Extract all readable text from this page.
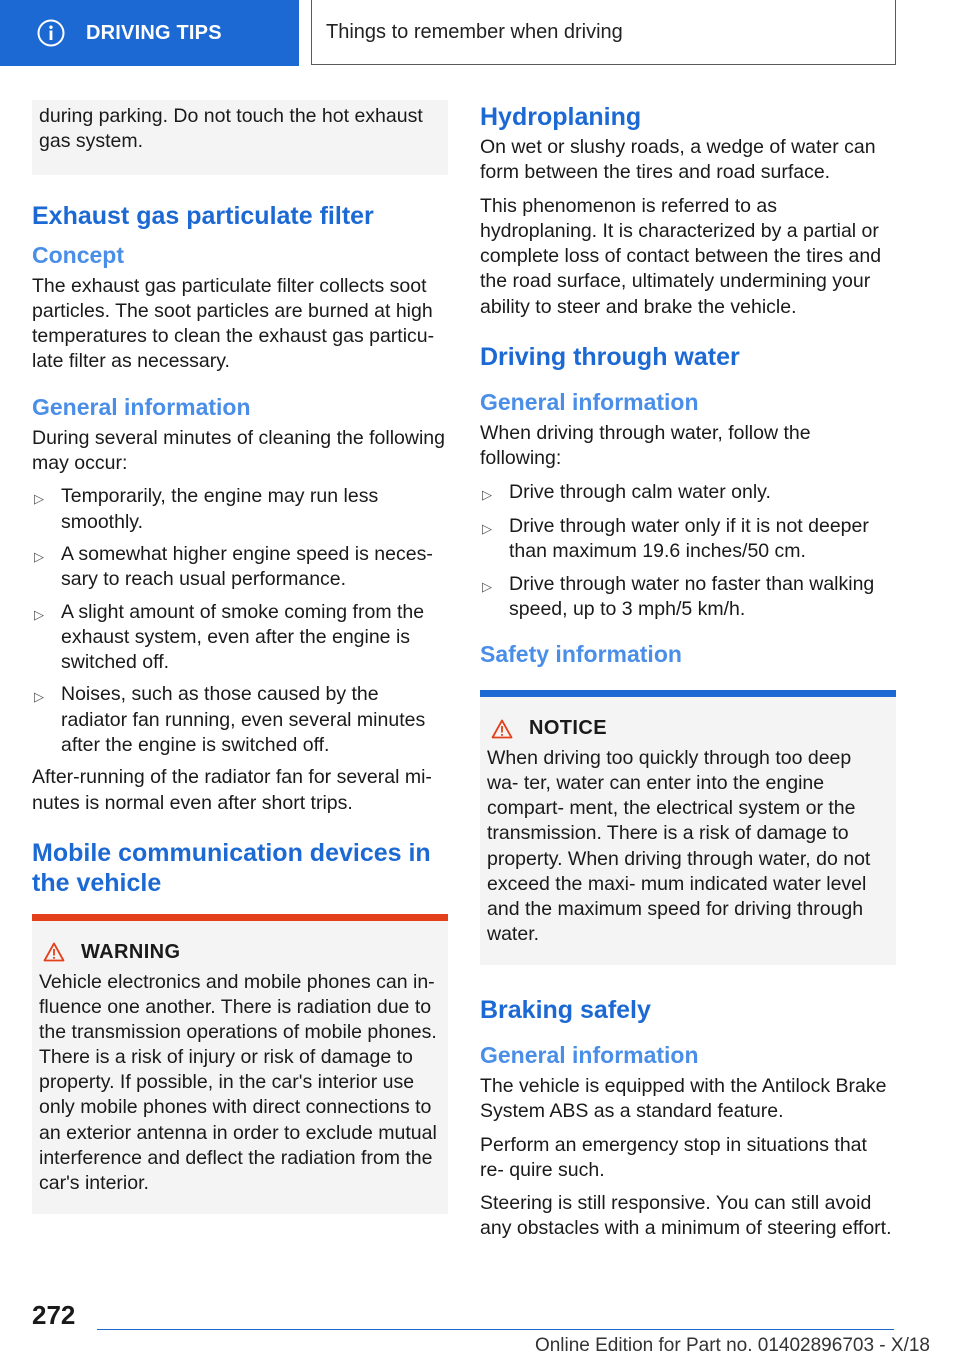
DRIVING TIPS	Things to remember when driving

during parking. Do not touch the hot exhaust gas system.

Exhaust gas particulate filter
Concept

The exhaust gas particulate filter collects soot particles. The soot particles are burned at high temperatures to clean the exhaust gas particu‐ late filter as necessary.

General information

During several minutes of cleaning the following may occur:

▷ Temporarily, the engine may run less smoothly.
▷ A somewhat higher engine speed is neces‐ sary to reach usual performance.
▷ A slight amount of smoke coming from the exhaust system, even after the engine is switched off.
▷ Noises, such as those caused by the radiator fan running, even several minutes after the engine is switched off.

After-running of the radiator fan for several mi‐ nutes is normal even after short trips.

Mobile communication devices in the vehicle
WARNING

Vehicle electronics and mobile phones can in‐ fluence one another. There is radiation due to the transmission operations of mobile phones. There is a risk of injury or risk of damage to property. If possible, in the car's interior use only mobile phones with direct connections to an exterior antenna in order to exclude mutual interference and deflect the radiation from the car's interior.

Hydroplaning

On wet or slushy roads, a wedge of water can form between the tires and road surface.

This phenomenon is referred to as hydroplaning. It is characterized by a partial or complete loss of contact between the tires and the road surface, ultimately undermining your ability to steer and brake the vehicle.

Driving through water
General information

When driving through water, follow the following:

▷ Drive through calm water only.
▷ Drive through water only if it is not deeper than maximum 19.6 inches/50 cm.
▷ Drive through water no faster than walking speed, up to 3 mph/5 km/h.
Safety information
NOTICE

When driving too quickly through too deep wa‐ ter, water can enter into the engine compart‐ ment, the electrical system or the transmission. There is a risk of damage to property. When driving through water, do not exceed the maxi‐ mum indicated water level and the maximum speed for driving through water.

Braking safely
General information

The vehicle is equipped with the Antilock Brake System ABS as a standard feature.

Perform an emergency stop in situations that re‐ quire such.

Steering is still responsive. You can still avoid any obstacles with a minimum of steering effort.

272
Online Edition for Part no. 01402896703 - X/18
